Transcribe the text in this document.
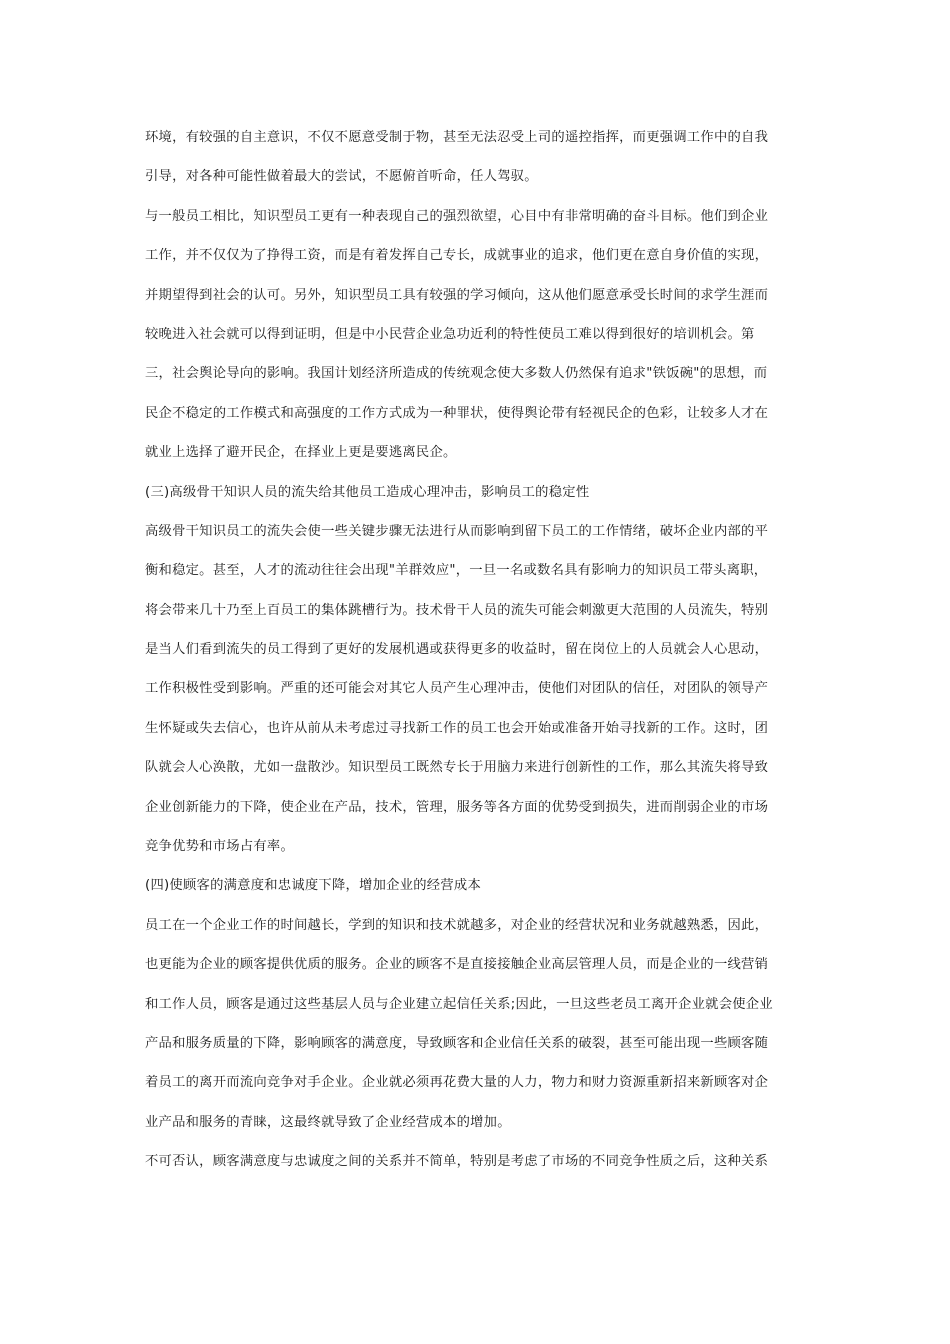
环境，有较强的自主意识，不仅不愿意受制于物，甚至无法忍受上司的遥控指挥，而更强调工作中的自我
引导，对各种可能性做着最大的尝试，不愿俯首听命，任人驾驭。
与一般员工相比，知识型员工更有一种表现自己的强烈欲望，心目中有非常明确的奋斗目标。他们到企业
工作，并不仅仅为了挣得工资，而是有着发挥自己专长，成就事业的追求，他们更在意自身价值的实现，
并期望得到社会的认可。另外，知识型员工具有较强的学习倾向，这从他们愿意承受长时间的求学生涯而
较晚进入社会就可以得到证明，但是中小民营企业急功近利的特性使员工难以得到很好的培训机会。第
三，社会舆论导向的影响。我国计划经济所造成的传统观念使大多数人仍然保有追求"铁饭碗"的思想，而
民企不稳定的工作模式和高强度的工作方式成为一种罪状，使得舆论带有轻视民企的色彩，让较多人才在
就业上选择了避开民企，在择业上更是要逃离民企。
(三)高级骨干知识人员的流失给其他员工造成心理冲击，影响员工的稳定性
高级骨干知识员工的流失会使一些关键步骤无法进行从而影响到留下员工的工作情绪，破坏企业内部的平
衡和稳定。甚至，人才的流动往往会出现"羊群效应"，一旦一名或数名具有影响力的知识员工带头离职，
将会带来几十乃至上百员工的集体跳槽行为。技术骨干人员的流失可能会刺激更大范围的人员流失，特别
是当人们看到流失的员工得到了更好的发展机遇或获得更多的收益时，留在岗位上的人员就会人心思动，
工作积极性受到影响。严重的还可能会对其它人员产生心理冲击，使他们对团队的信任，对团队的领导产
生怀疑或失去信心，也许从前从未考虑过寻找新工作的员工也会开始或准备开始寻找新的工作。这时，团
队就会人心涣散，尤如一盘散沙。知识型员工既然专长于用脑力来进行创新性的工作，那么其流失将导致
企业创新能力的下降，使企业在产品，技术，管理，服务等各方面的优势受到损失，进而削弱企业的市场
竞争优势和市场占有率。
(四)使顾客的满意度和忠诚度下降，增加企业的经营成本
员工在一个企业工作的时间越长，学到的知识和技术就越多，对企业的经营状况和业务就越熟悉，因此，
也更能为企业的顾客提供优质的服务。企业的顾客不是直接接触企业高层管理人员，而是企业的一线营销
和工作人员，顾客是通过这些基层人员与企业建立起信任关系;因此，一旦这些老员工离开企业就会使企业
产品和服务质量的下降，影响顾客的满意度，导致顾客和企业信任关系的破裂，甚至可能出现一些顾客随
着员工的离开而流向竞争对手企业。企业就必须再花费大量的人力，物力和财力资源重新招来新顾客对企
业产品和服务的青睐，这最终就导致了企业经营成本的增加。
不可否认，顾客满意度与忠诚度之间的关系并不简单，特别是考虑了市场的不同竞争性质之后，这种关系
